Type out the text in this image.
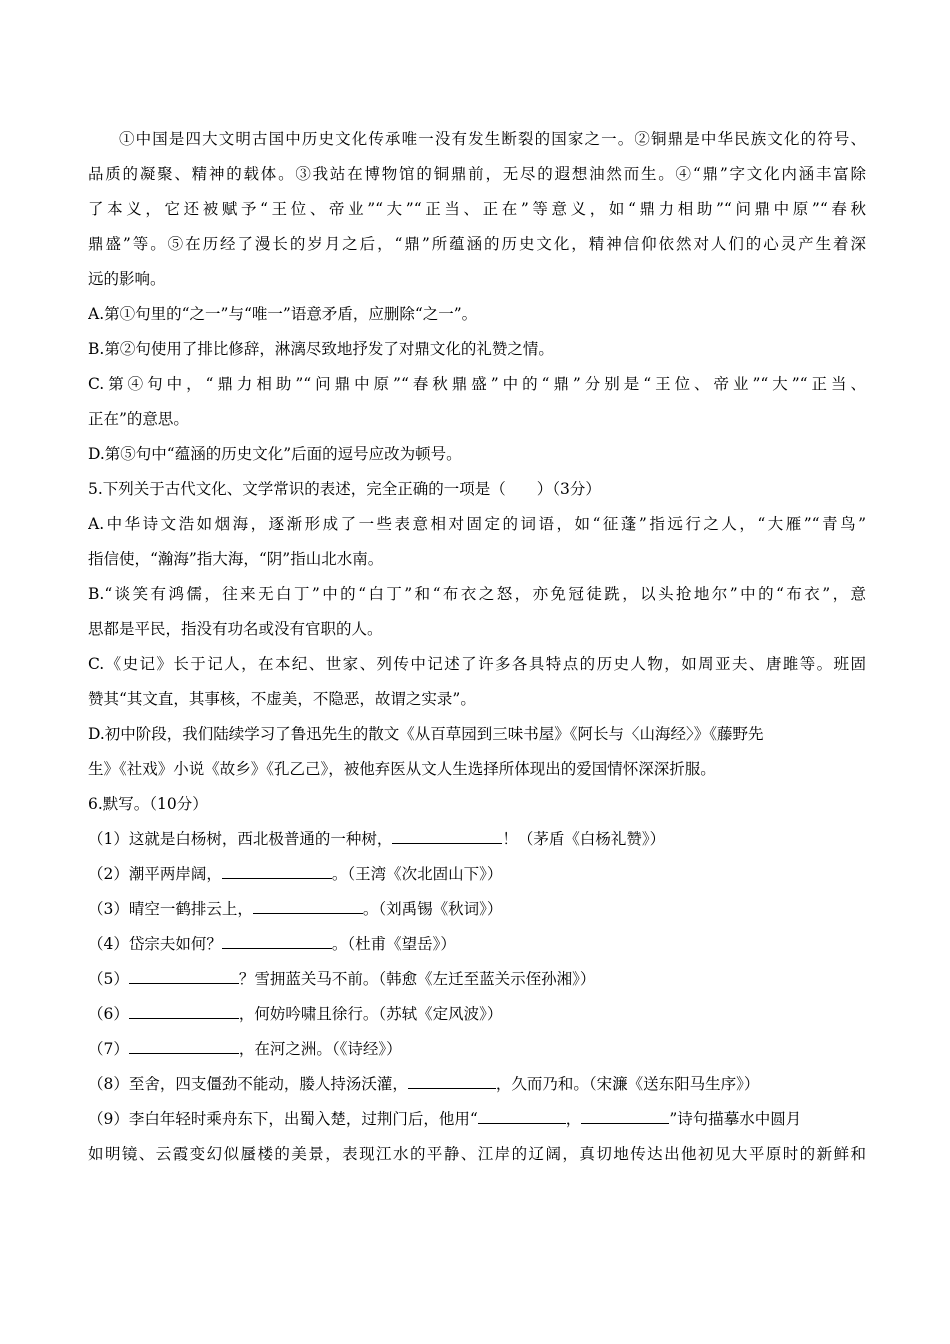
①中国是四大文明古国中历史文化传承唯一没有发生断裂的国家之一。②铜鼎是中华民族文化的符号、
品质的凝聚、精神的载体。③我站在博物馆的铜鼎前，无尽的遐想油然而生。④“鼎”字文化内涵丰富除
了本义，它还被赋予“王位、帝业”“大”“正当、正在”等意义，如“鼎力相助”“问鼎中原”“春秋
鼎盛”等。⑤在历经了漫长的岁月之后，“鼎”所蕴涵的历史文化，精神信仰依然对人们的心灵产生着深
远的影响。
A.第①句里的“之一”与“唯一”语意矛盾，应删除“之一”。
B.第②句使用了排比修辞，淋漓尽致地抒发了对鼎文化的礼赞之情。
C.第④句中，“鼎力相助”“问鼎中原”“春秋鼎盛”中的“鼎”分别是“王位、帝业”“大”“正当、
正在”的意思。
D.第⑤句中“蕴涵的历史文化”后面的逗号应改为顿号。
5.下列关于古代文化、文学常识的表述，完全正确的一项是（　　）（3分）
A.中华诗文浩如烟海，逐渐形成了一些表意相对固定的词语，如“征蓬”指远行之人，“大雁”“青鸟”
指信使，“瀚海”指大海，“阴”指山北水南。
B.“谈笑有鸿儒，往来无白丁”中的“白丁”和“布衣之怒，亦免冠徒跣，以头抢地尔”中的“布衣”，意
思都是平民，指没有功名或没有官职的人。
C.《史记》长于记人，在本纪、世家、列传中记述了许多各具特点的历史人物，如周亚夫、唐雎等。班固
赞其“其文直，其事核，不虚美，不隐恶，故谓之实录”。
D.初中阶段，我们陆续学习了鲁迅先生的散文《从百草园到三味书屋》《阿长与〈山海经〉》《藤野先
生》《社戏》小说《故乡》《孔乙己》，被他弃医从文人生选择所体现出的爱国情怀深深折服。
6.默写。（10分）
（1）这就是白杨树，西北极普通的一种树，	！（茅盾《白杨礼赞》）
（2）潮平两岸阔，	。（王湾《次北固山下》）
（3）晴空一鹤排云上，	。（刘禹锡《秋词》）
（4）岱宗夫如何？	。（杜甫《望岳》）
（5）	？雪拥蓝关马不前。（韩愈《左迁至蓝关示侄孙湘》）
（6）	，何妨吟啸且徐行。（苏轼《定风波》）
（7）	，在河之洲。（《诗经》）
（8）至舍，四支僵劲不能动，媵人持汤沃灌，	，久而乃和。（宋濂《送东阳马生序》）
（9）李白年轻时乘舟东下，出蜀入楚，过荆门后，他用“	，	”诗句描摹水中圆月
如明镜、云霞变幻似蜃楼的美景，表现江水的平静、江岸的辽阔，真切地传达出他初见大平原时的新鲜和
